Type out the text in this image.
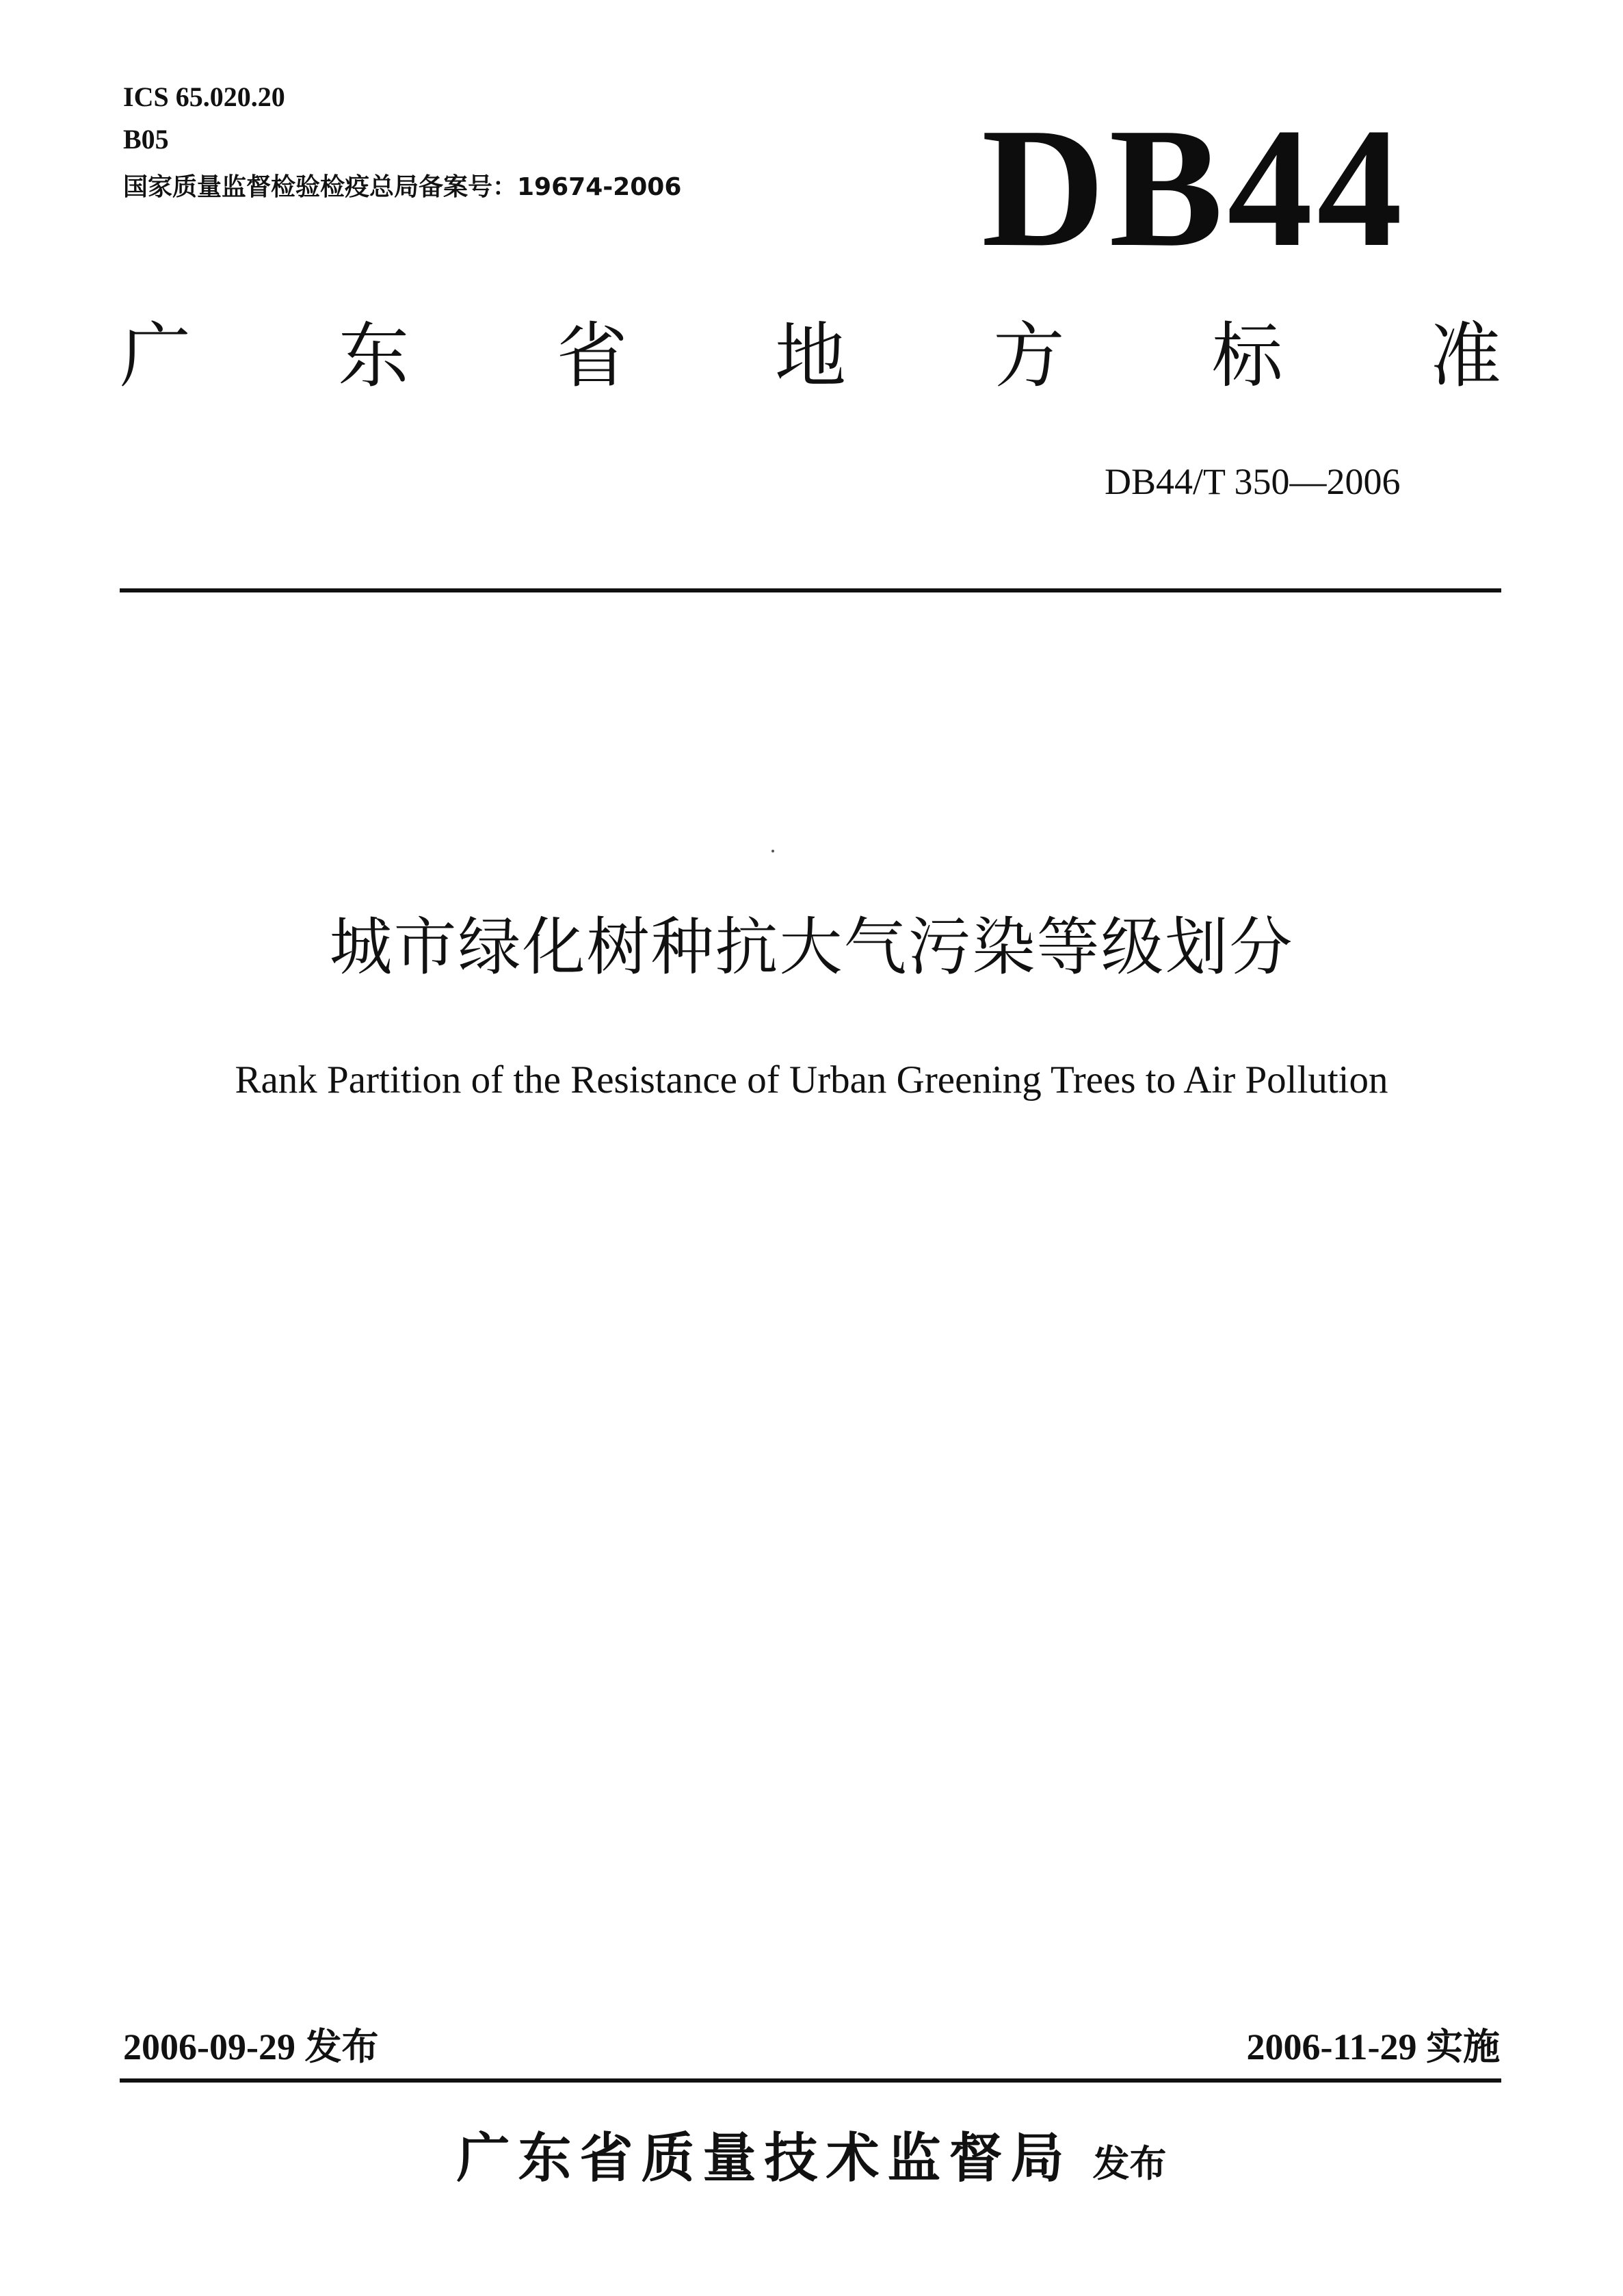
ICS 65.020.20
B05
国家质量监督检验检疫总局备案号：19674-2006 DB44
广 东 省 地 方 标 准
DB44/T 350—2006
城市绿化树种抗大气污染等级划分
Rank Partition of the Resistance of Urban Greening Trees to Air Pollution
2006-09-29 发布	2006-11-29 实施
广东省质量技术监督局 发布
